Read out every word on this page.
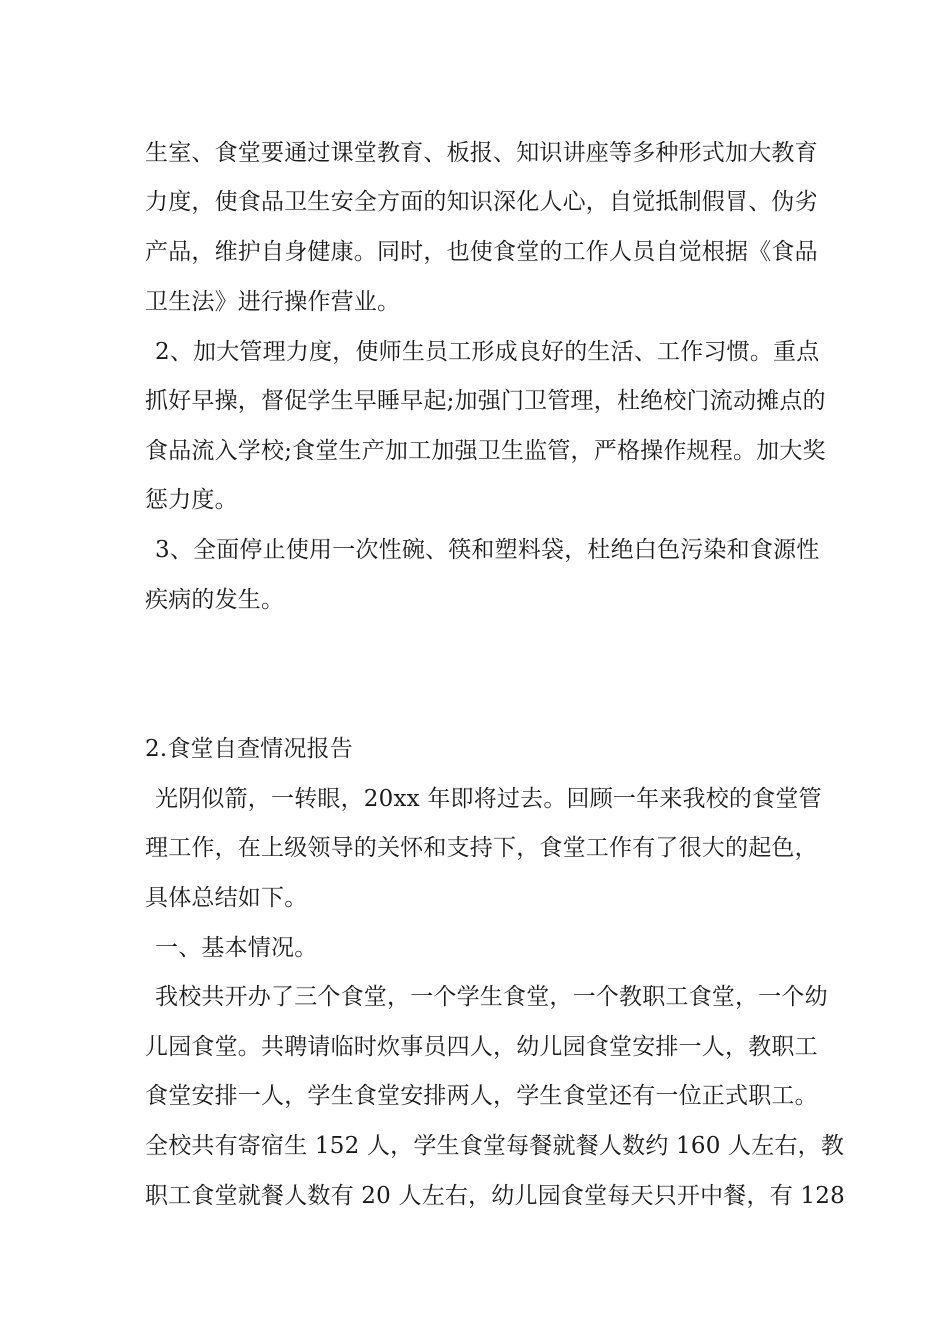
生室、食堂要通过课堂教育、板报、知识讲座等多种形式加大教育
力度，使食品卫生安全方面的知识深化人心，自觉抵制假冒、伪劣
产品，维护自身健康。同时，也使食堂的工作人员自觉根据《食品
卫生法》进行操作营业。
2、加大管理力度，使师生员工形成良好的生活、工作习惯。重点
抓好早操，督促学生早睡早起;加强门卫管理，杜绝校门流动摊点的
食品流入学校;食堂生产加工加强卫生监管，严格操作规程。加大奖
惩力度。
3、全面停止使用一次性碗、筷和塑料袋，杜绝白色污染和食源性
疾病的发生。
2.食堂自查情况报告
光阴似箭，一转眼，20xx 年即将过去。回顾一年来我校的食堂管
理工作，在上级领导的关怀和支持下，食堂工作有了很大的起色，
具体总结如下。
一、基本情况。
我校共开办了三个食堂，一个学生食堂，一个教职工食堂，一个幼
儿园食堂。共聘请临时炊事员四人，幼儿园食堂安排一人，教职工
食堂安排一人，学生食堂安排两人，学生食堂还有一位正式职工。
全校共有寄宿生 152 人，学生食堂每餐就餐人数约 160 人左右，教
职工食堂就餐人数有 20 人左右，幼儿园食堂每天只开中餐，有 128
